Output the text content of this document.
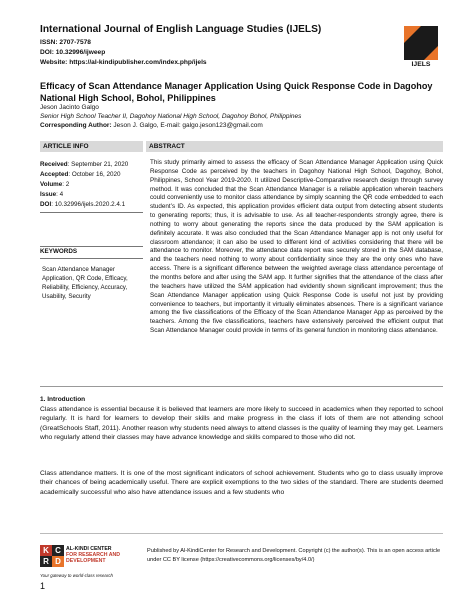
International Journal of English Language Studies (IJELS)
ISSN: 2707-7578
DOI: 10.32996/ijweep
Website: https://al-kindipublisher.com/index.php/ijels	IJELS
Efficacy of Scan Attendance Manager Application Using Quick Response Code in Dagohoy National High School, Bohol, Philippines
Jeson Jacinto Galgo
Senior High School Teacher II, Dagohoy National High School, Dagohoy Bohol, Philippines
Corresponding Author: Jeson J. Galgo, E-mail: galgo.jeson123@gmail.com
ARTICLE INFO	ABSTRACT
Received: September 21, 2020
Accepted: October 16, 2020
Volume: 2
Issue: 4
DOI: 10.32996/ijels.2020.2.4.1
KEYWORDS
Scan Attendance Manager Application, QR Code, Efficacy, Reliability, Efficiency, Accuracy, Usability, Security
This study primarily aimed to assess the efficacy of Scan Attendance Manager Application using Quick Response Code as perceived by the teachers in Dagohoy National High School, Dagohoy, Bohol, Philippines, School Year 2019-2020. It utilized Descriptive-Comparative research design through survey method. It was concluded that the Scan Attendance Manager is a reliable application wherein teachers could conveniently use to monitor class attendance by simply scanning the QR code embedded to each student’s ID. As expected, this application provides efficient data output from detecting absent students to generating reports; thus, it is advisable to use. As all teacher-respondents strongly agree, there is nothing to worry about generating the reports since the data produced by the SAM application is definitely accurate. It was also concluded that the Scan Attendance Manager app is not only useful for classroom attendance; it can also be used to different kind of activities considering that there will be attendance to monitor. Moreover, the attendance data report was securely stored in the SAM database, and the teachers need nothing to worry about confidentiality since they are the only ones who have access. There is a significant difference between the weighted average class attendance percentage of the months before and after using the SAM app. It further signifies that the attendance of the class after the teachers have utilized the SAM application had evidently shown significant improvement; thus the Scan Attendance Manager application using Quick Response Code is useful not just by providing convenience to teachers, but importantly it virtually eliminates absences. There is a significant variance among the five classifications of the Efficacy of the Scan Attendance Manager App as perceived by the teachers. Among the five classifications, teachers have extensively perceived the efficient output that Scan Attendance Manager could provide in terms of its general function in monitoring class attendance.
1. Introduction
Class attendance is essential because it is believed that learners are more likely to succeed in academics when they reported to school regularly. It is hard for learners to develop their skills and make progress in the class if lots of them are not attending school (GreatSchools Staff, 2011). Another reason why students need always to attend classes is the quality of learning they may get. Learners who regularly attend their classes may have advance knowledge and skills compared to those who did not.
Class attendance matters. It is one of the most significant indicators of school achievement. Students who go to class usually improve their chances of being academically useful. There are explicit exemptions to the two sides of the standard. There are students deemed academically successful who also have attendance issues and a few students who
K C
R D
AL-KINDI CENTER
FOR RESEARCH AND
DEVELOPMENT
Your gateway to world-class research
Published by Al-KindiCenter for Research and Development. Copyright (c) the author(s). This is an open access article under CC BY license (https://creativecommons.org/licenses/by/4.0/)
1
